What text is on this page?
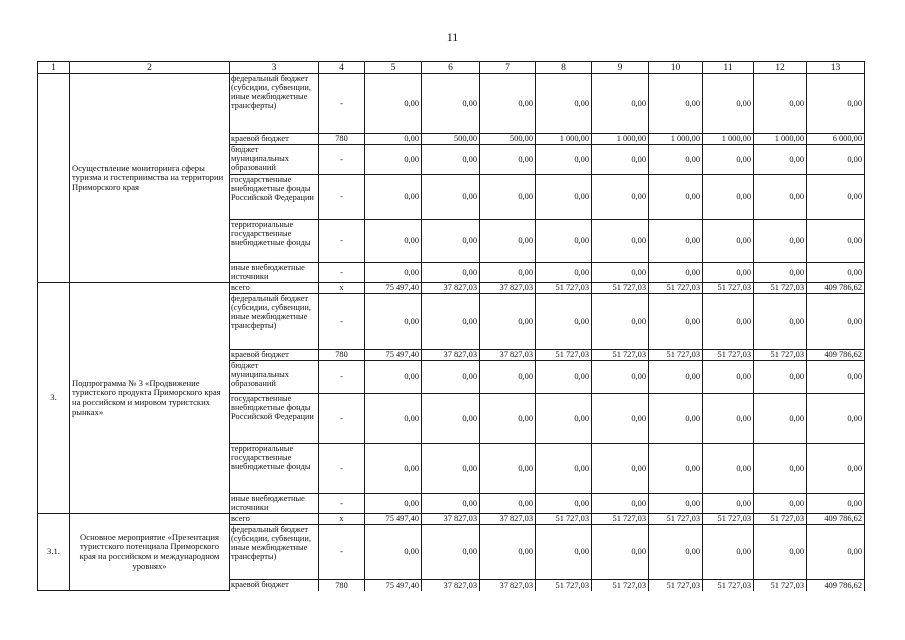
11
1	2	3	4	5	6	7	8	9	10	11	12	13
	Осуществление мониторинга сферы туризма и гостеприимства на территории Приморского края	федеральный бюджет (субсидии, субвенции, иные межбюджетные трансферты)	-	0,00	0,00	0,00	0,00	0,00	0,00	0,00	0,00	0,00
		краевой бюджет	780	0,00	500,00	500,00	1 000,00	1 000,00	1 000,00	1 000,00	1 000,00	6 000,00
		бюджет муниципальных образований	-	0,00	0,00	0,00	0,00	0,00	0,00	0,00	0,00	0,00
		государственные внебюджетные фонды Российской Федерации	-	0,00	0,00	0,00	0,00	0,00	0,00	0,00	0,00	0,00
		территориальные государственные внебюджетные фонды	-	0,00	0,00	0,00	0,00	0,00	0,00	0,00	0,00	0,00
		иные внебюджетные источники	-	0,00	0,00	0,00	0,00	0,00	0,00	0,00	0,00	0,00
3.	Подпрограмма № 3 «Продвижение туристского продукта Приморского края на российском и мировом туристских рынках»	всего	х	75 497,40	37 827,03	37 827,03	51 727,03	51 727,03	51 727,03	51 727,03	51 727,03	409 786,62
		федеральный бюджет (субсидии, субвенции, иные межбюджетные трансферты)	-	0,00	0,00	0,00	0,00	0,00	0,00	0,00	0,00	0,00
		краевой бюджет	780	75 497,40	37 827,03	37 827,03	51 727,03	51 727,03	51 727,03	51 727,03	51 727,03	409 786,62
		бюджет муниципальных образований	-	0,00	0,00	0,00	0,00	0,00	0,00	0,00	0,00	0,00
		государственные внебюджетные фонды Российской Федерации	-	0,00	0,00	0,00	0,00	0,00	0,00	0,00	0,00	0,00
		территориальные государственные внебюджетные фонды	-	0,00	0,00	0,00	0,00	0,00	0,00	0,00	0,00	0,00
		иные внебюджетные источники	-	0,00	0,00	0,00	0,00	0,00	0,00	0,00	0,00	0,00
3.1.	Основное мероприятие «Презентация туристского потенциала Приморского края на российском и международном уровнях»	всего	х	75 497,40	37 827,03	37 827,03	51 727,03	51 727,03	51 727,03	51 727,03	51 727,03	409 786,62
		федеральный бюджет (субсидии, субвенции, иные межбюджетные трансферты)	-	0,00	0,00	0,00	0,00	0,00	0,00	0,00	0,00	0,00
		краевой бюджет	780	75 497,40	37 827,03	37 827,03	51 727,03	51 727,03	51 727,03	51 727,03	51 727,03	409 786,62
